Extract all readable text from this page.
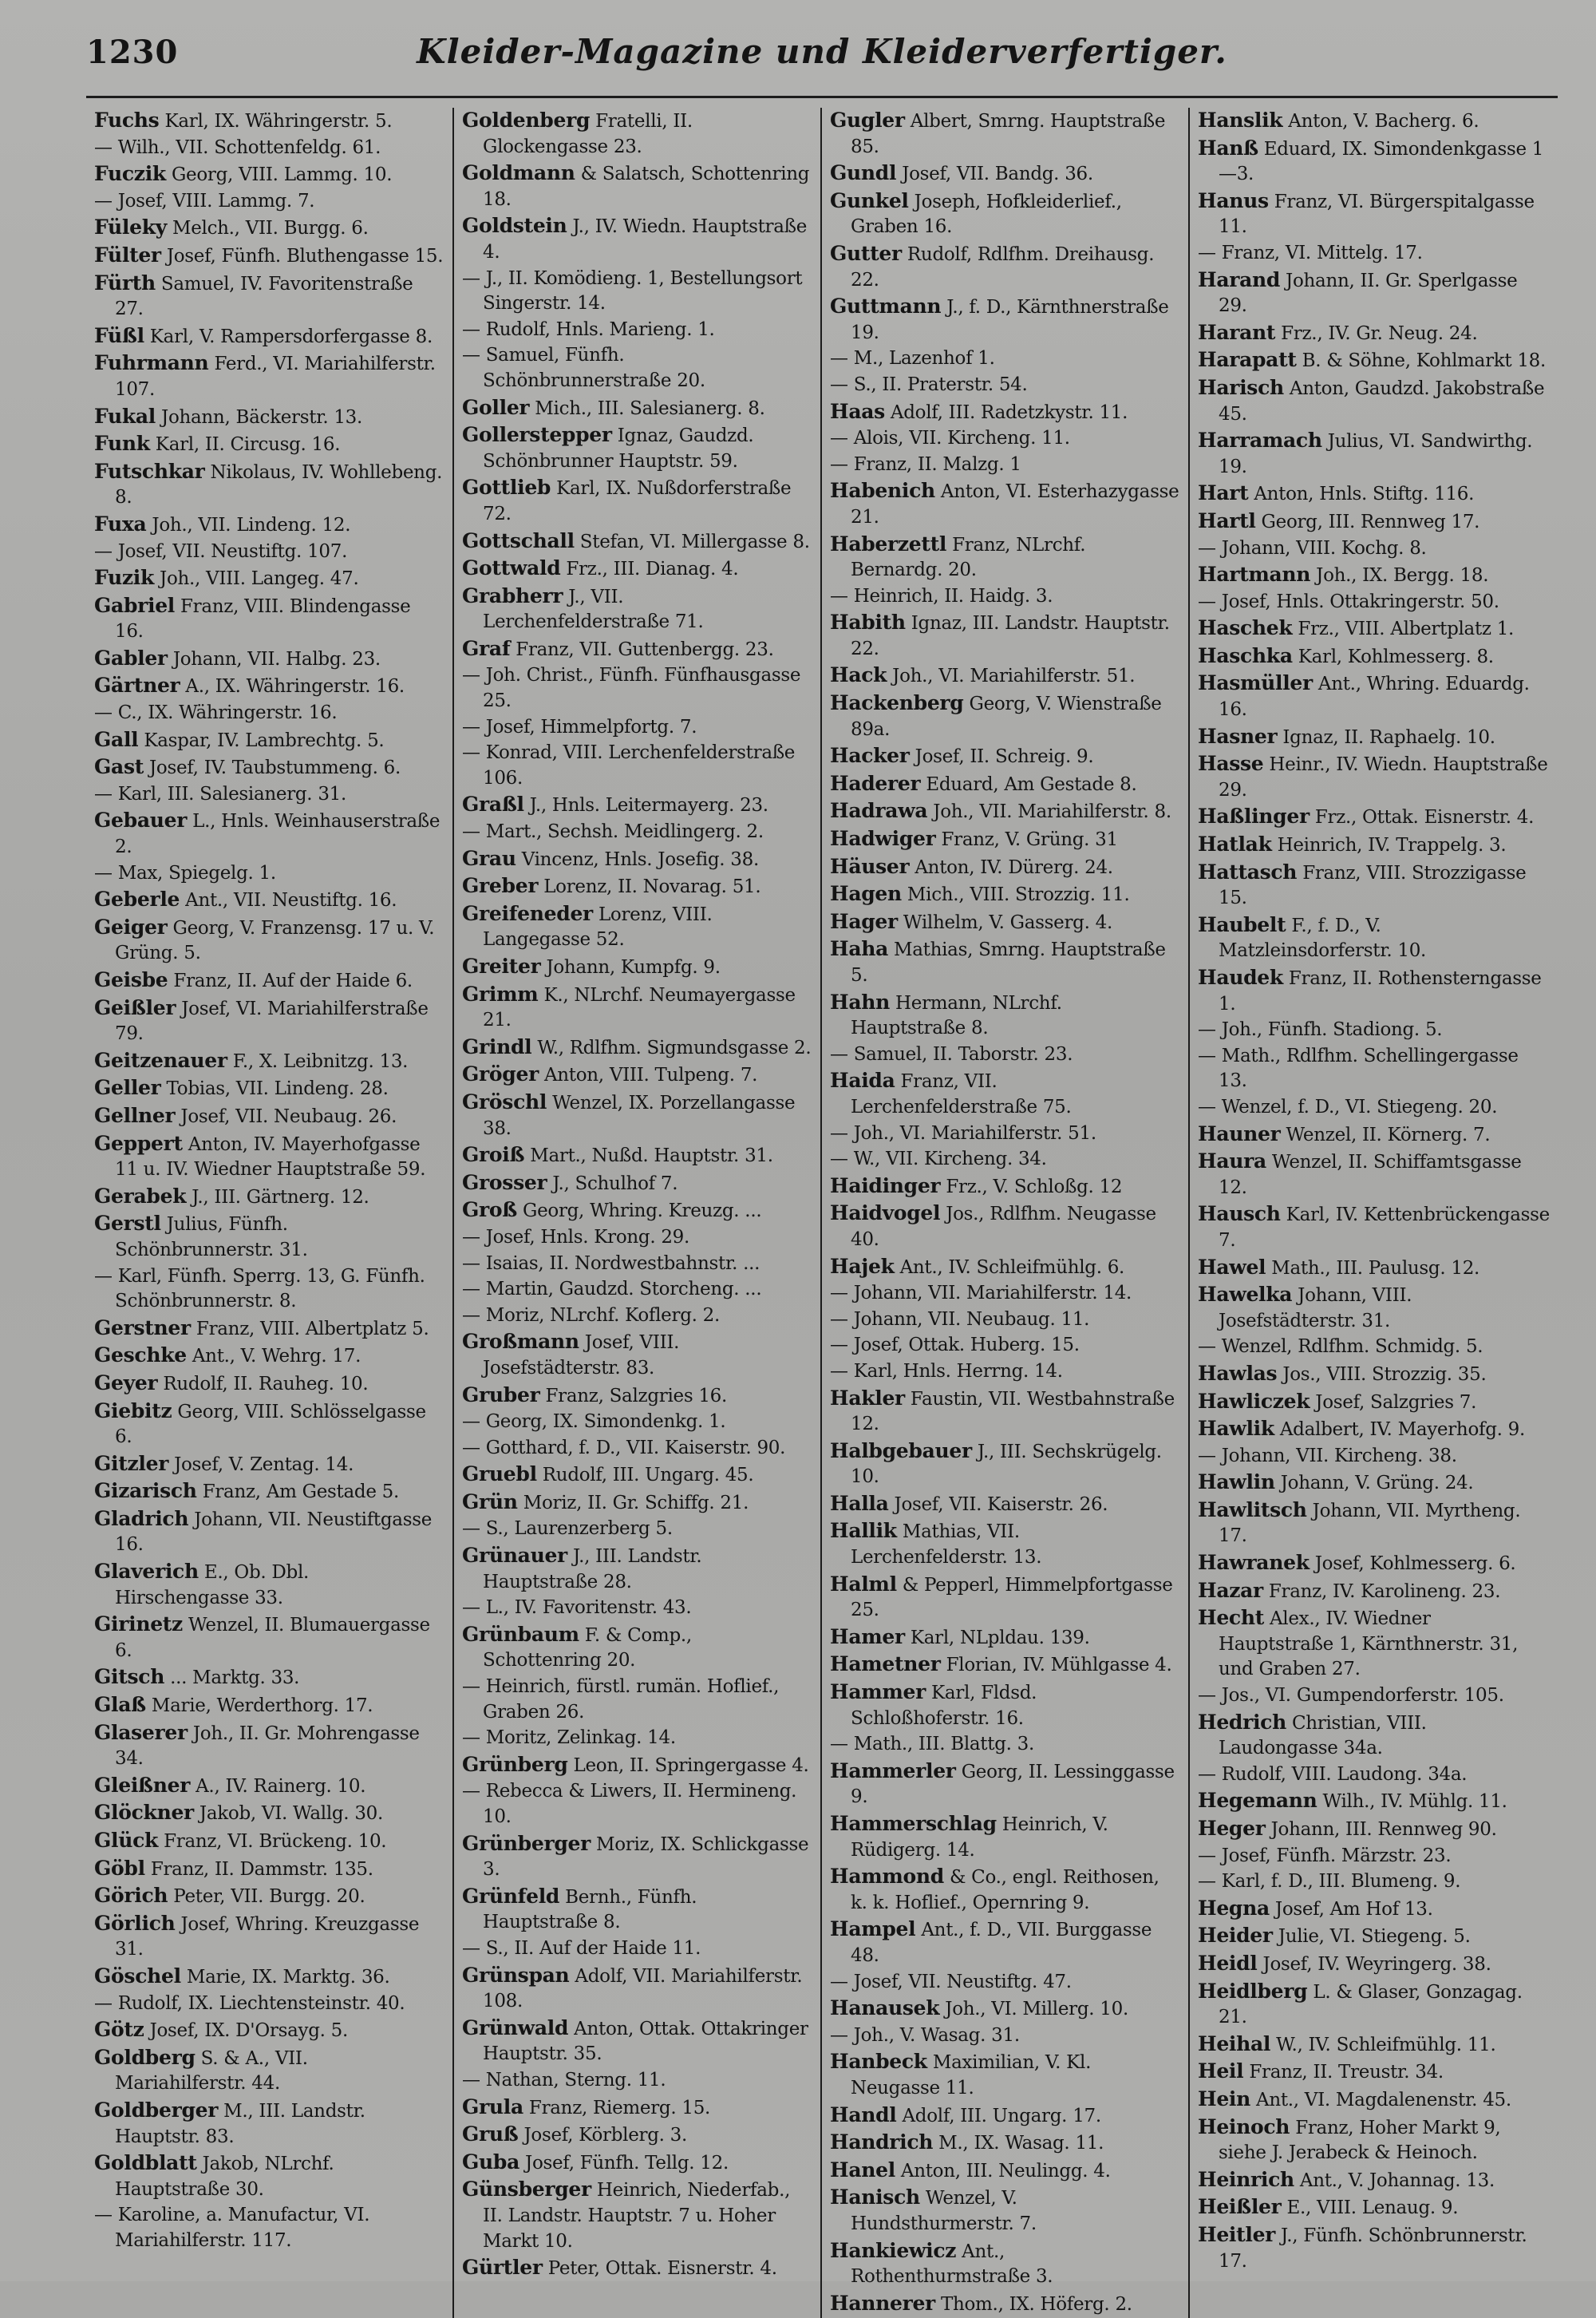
1230	Kleider-Magazine und Kleiderverfertiger.
Fuchs Karl, IX. Währingerstr. 5.
— Wilh., VII. Schottenfeldg. 61.
Fuczik Georg, VIII. Lammg. 10.
— Josef, VIII. Lammg. 7.
Füleky Melch., VII. Burgg. 6.
Fülter Josef, Fünfh. Bluthengasse 15.
Fürth Samuel, IV. Favoritenstraße 27.
Füßl Karl, V. Rampersdorfergasse 8.
Fuhrmann Ferd., VI. Mariahilferstr. 107.
Fukal Johann, Bäckerstr. 13.
Funk Karl, II. Circusg. 16.
Futschkar Nikolaus, IV. Wohllebeng. 8.
Fuxa Joh., VII. Lindeng. 12.
— Josef, VII. Neustiftg. 107.
Fuzik Joh., VIII. Langeg. 47.
Gabriel Franz, VIII. Blindengasse 16.
Gabler Johann, VII. Halbg. 23.
Gärtner A., IX. Währingerstr. 16.
— C., IX. Währingerstr. 16.
Gall Kaspar, IV. Lambrechtg. 5.
Gast Josef, IV. Taubstummeng. 6.
— Karl, III. Salesianerg. 31.
Gebauer L., Hnls. Weinhauserstraße 2.
— Max, Spiegelg. 1.
Geberle Ant., VII. Neustiftg. 16.
Geiger Georg, V. Franzensg. 17 u. V. Grüng. 5.
Geisbe Franz, II. Auf der Haide 6.
Geißler Josef, VI. Mariahilferstraße 79.
Geitzenauer F., X. Leibnitzg. 13.
Geller Tobias, VII. Lindeng. 28.
Gellner Josef, VII. Neubaug. 26.
Geppert Anton, IV. Mayerhofgasse 11 u. IV. Wiedner Hauptstraße 59.
Gerabek J., III. Gärtnerg. 12.
Gerstl Julius, Fünfh. Schönbrunnerstr. 31.
— Karl, Fünfh. Sperrg. 13, G. Fünfh. Schönbrunnerstr. 8.
Gerstner Franz, VIII. Albertplatz 5.
Geschke Ant., V. Wehrg. 17.
Geyer Rudolf, II. Rauheg. 10.
Giebitz Georg, VIII. Schlösselgasse 6.
Gitzler Josef, V. Zentag. 14.
Gizarisch Franz, Am Gestade 5.
Gladrich Johann, VII. Neustiftgasse 16.
Glaverich E., Ob. Dbl. Hirschengasse 33.
Girinetz Wenzel, II. Blumauergasse 6.
Gitsch ... Marktg. 33.
Glaß Marie, Werderthorg. 17.
Glaserer Joh., II. Gr. Mohrengasse 34.
Gleißner A., IV. Rainerg. 10.
Glöckner Jakob, VI. Wallg. 30.
Glück Franz, VI. Brückeng. 10.
Göbl Franz, II. Dammstr. 135.
Görich Peter, VII. Burgg. 20.
Görlich Josef, Whring. Kreuzgasse 31.
Göschel Marie, IX. Marktg. 36.
— Rudolf, IX. Liechtensteinstr. 40.
Götz Josef, IX. D'Orsayg. 5.
Goldberg S. & A., VII. Mariahilferstr. 44.
Goldberger M., III. Landstr. Hauptstr. 83.
Goldblatt Jakob, NLrchf. Hauptstraße 30.
— Karoline, a. Manufactur, VI. Mariahilferstr. 117.
Goldenberg Fratelli, II. Glockengasse 23.
Goldmann & Salatsch, Schottenring 18.
Goldstein J., IV. Wiedn. Hauptstraße 4.
— J., II. Komödieng. 1, Bestellungsort Singerstr. 14.
— Rudolf, Hnls. Marieng. 1.
— Samuel, Fünfh. Schönbrunnerstraße 20.
Goller Mich., III. Salesianerg. 8.
Gollerstepper Ignaz, Gaudzd. Schönbrunner Hauptstr. 59.
Gottlieb Karl, IX. Nußdorferstraße 72.
Gottschall Stefan, VI. Millergasse 8.
Gottwald Frz., III. Dianag. 4.
Grabherr J., VII. Lerchenfelderstraße 71.
Graf Franz, VII. Guttenbergg. 23.
— Joh. Christ., Fünfh. Fünfhausgasse 25.
— Josef, Himmelpfortg. 7.
— Konrad, VIII. Lerchenfelderstraße 106.
Graßl J., Hnls. Leitermayerg. 23.
— Mart., Sechsh. Meidlingerg. 2.
Grau Vincenz, Hnls. Josefig. 38.
Greber Lorenz, II. Novarag. 51.
Greifeneder Lorenz, VIII. Langegasse 52.
Greiter Johann, Kumpfg. 9.
Grimm K., NLrchf. Neumayergasse 21.
Grindl W., Rdlfhm. Sigmundsgasse 2.
Gröger Anton, VIII. Tulpeng. 7.
Gröschl Wenzel, IX. Porzellangasse 38.
Groiß Mart., Nußd. Hauptstr. 31.
Grosser J., Schulhof 7.
Groß Georg, Whring. Kreuzg. ...
— Josef, Hnls. Krong. 29.
— Isaias, II. Nordwestbahnstr. ...
— Martin, Gaudzd. Storcheng. ...
— Moriz, NLrchf. Koflerg. 2.
Großmann Josef, VIII. Josefstädterstr. 83.
Gruber Franz, Salzgries 16.
— Georg, IX. Simondenkg. 1.
— Gotthard, f. D., VII. Kaiserstr. 90.
Gruebl Rudolf, III. Ungarg. 45.
Grün Moriz, II. Gr. Schiffg. 21.
— S., Laurenzerberg 5.
Grünauer J., III. Landstr. Hauptstraße 28.
— L., IV. Favoritenstr. 43.
Grünbaum F. & Comp., Schottenring 20.
— Heinrich, fürstl. rumän. Hoflief., Graben 26.
— Moritz, Zelinkag. 14.
Grünberg Leon, II. Springergasse 4.
— Rebecca & Liwers, II. Hermineng. 10.
Grünberger Moriz, IX. Schlickgasse 3.
Grünfeld Bernh., Fünfh. Hauptstraße 8.
— S., II. Auf der Haide 11.
Grünspan Adolf, VII. Mariahilferstr. 108.
Grünwald Anton, Ottak. Ottakringer Hauptstr. 35.
— Nathan, Sterng. 11.
Grula Franz, Riemerg. 15.
Gruß Josef, Körblerg. 3.
Guba Josef, Fünfh. Tellg. 12.
Günsberger Heinrich, Niederfab., II. Landstr. Hauptstr. 7 u. Hoher Markt 10.
Gürtler Peter, Ottak. Eisnerstr. 4.
Gugler Albert, Smrng. Hauptstraße 85.
Gundl Josef, VII. Bandg. 36.
Gunkel Joseph, Hofkleiderlief., Graben 16.
Gutter Rudolf, Rdlfhm. Dreihausg. 22.
Guttmann J., f. D., Kärnthnerstraße 19.
— M., Lazenhof 1.
— S., II. Praterstr. 54.
Haas Adolf, III. Radetzkystr. 11.
— Alois, VII. Kircheng. 11.
— Franz, II. Malzg. 1
Habenich Anton, VI. Esterhazygasse 21.
Haberzettl Franz, NLrchf. Bernardg. 20.
— Heinrich, II. Haidg. 3.
Habith Ignaz, III. Landstr. Hauptstr. 22.
Hack Joh., VI. Mariahilferstr. 51.
Hackenberg Georg, V. Wienstraße 89a.
Hacker Josef, II. Schreig. 9.
Haderer Eduard, Am Gestade 8.
Hadrawa Joh., VII. Mariahilferstr. 8.
Hadwiger Franz, V. Grüng. 31
Häuser Anton, IV. Dürerg. 24.
Hagen Mich., VIII. Strozzig. 11.
Hager Wilhelm, V. Gasserg. 4.
Haha Mathias, Smrng. Hauptstraße 5.
Hahn Hermann, NLrchf. Hauptstraße 8.
— Samuel, II. Taborstr. 23.
Haida Franz, VII. Lerchenfelderstraße 75.
— Joh., VI. Mariahilferstr. 51.
— W., VII. Kircheng. 34.
Haidinger Frz., V. Schloßg. 12
Haidvogel Jos., Rdlfhm. Neugasse 40.
Hajek Ant., IV. Schleifmühlg. 6.
— Johann, VII. Mariahilferstr. 14.
— Johann, VII. Neubaug. 11.
— Josef, Ottak. Huberg. 15.
— Karl, Hnls. Herrng. 14.
Hakler Faustin, VII. Westbahnstraße 12.
Halbgebauer J., III. Sechskrügelg. 10.
Halla Josef, VII. Kaiserstr. 26.
Hallik Mathias, VII. Lerchenfelderstr. 13.
Halml & Pepperl, Himmelpfortgasse 25.
Hamer Karl, NLpldau. 139.
Hametner Florian, IV. Mühlgasse 4.
Hammer Karl, Fldsd. Schloßhoferstr. 16.
— Math., III. Blattg. 3.
Hammerler Georg, II. Lessinggasse 9.
Hammerschlag Heinrich, V. Rüdigerg. 14.
Hammond & Co., engl. Reithosen, k. k. Hoflief., Opernring 9.
Hampel Ant., f. D., VII. Burggasse 48.
— Josef, VII. Neustiftg. 47.
Hanausek Joh., VI. Millerg. 10.
— Joh., V. Wasag. 31.
Hanbeck Maximilian, V. Kl. Neugasse 11.
Handl Adolf, III. Ungarg. 17.
Handrich M., IX. Wasag. 11.
Hanel Anton, III. Neulingg. 4.
Hanisch Wenzel, V. Hundsthurmerstr. 7.
Hankiewicz Ant., Rothenthurmstraße 3.
Hannerer Thom., IX. Höferg. 2.
Hanslik Anton, V. Bacherg. 6.
Hanß Eduard, IX. Simondenkgasse 1—3.
Hanus Franz, VI. Bürgerspitalgasse 11.
— Franz, VI. Mittelg. 17.
Harand Johann, II. Gr. Sperlgasse 29.
Harant Frz., IV. Gr. Neug. 24.
Harapatt B. & Söhne, Kohlmarkt 18.
Harisch Anton, Gaudzd. Jakobstraße 45.
Harramach Julius, VI. Sandwirthg. 19.
Hart Anton, Hnls. Stiftg. 116.
Hartl Georg, III. Rennweg 17.
— Johann, VIII. Kochg. 8.
Hartmann Joh., IX. Bergg. 18.
— Josef, Hnls. Ottakringerstr. 50.
Haschek Frz., VIII. Albertplatz 1.
Haschka Karl, Kohlmesserg. 8.
Hasmüller Ant., Whring. Eduardg. 16.
Hasner Ignaz, II. Raphaelg. 10.
Hasse Heinr., IV. Wiedn. Hauptstraße 29.
Haßlinger Frz., Ottak. Eisnerstr. 4.
Hatlak Heinrich, IV. Trappelg. 3.
Hattasch Franz, VIII. Strozzigasse 15.
Haubelt F., f. D., V. Matzleinsdorferstr. 10.
Haudek Franz, II. Rothensterngasse 1.
— Joh., Fünfh. Stadiong. 5.
— Math., Rdlfhm. Schellingergasse 13.
— Wenzel, f. D., VI. Stiegeng. 20.
Hauner Wenzel, II. Körnerg. 7.
Haura Wenzel, II. Schiffamtsgasse 12.
Hausch Karl, IV. Kettenbrückengasse 7.
Hawel Math., III. Paulusg. 12.
Hawelka Johann, VIII. Josefstädterstr. 31.
— Wenzel, Rdlfhm. Schmidg. 5.
Hawlas Jos., VIII. Strozzig. 35.
Hawliczek Josef, Salzgries 7.
Hawlik Adalbert, IV. Mayerhofg. 9.
— Johann, VII. Kircheng. 38.
Hawlin Johann, V. Grüng. 24.
Hawlitsch Johann, VII. Myrtheng. 17.
Hawranek Josef, Kohlmesserg. 6.
Hazar Franz, IV. Karolineng. 23.
Hecht Alex., IV. Wiedner Hauptstraße 1, Kärnthnerstr. 31, und Graben 27.
— Jos., VI. Gumpendorferstr. 105.
Hedrich Christian, VIII. Laudongasse 34a.
— Rudolf, VIII. Laudong. 34a.
Hegemann Wilh., IV. Mühlg. 11.
Heger Johann, III. Rennweg 90.
— Josef, Fünfh. Märzstr. 23.
— Karl, f. D., III. Blumeng. 9.
Hegna Josef, Am Hof 13.
Heider Julie, VI. Stiegeng. 5.
Heidl Josef, IV. Weyringerg. 38.
Heidlberg L. & Glaser, Gonzagag. 21.
Heihal W., IV. Schleifmühlg. 11.
Heil Franz, II. Treustr. 34.
Hein Ant., VI. Magdalenenstr. 45.
Heinoch Franz, Hoher Markt 9, siehe J. Jerabeck & Heinoch.
Heinrich Ant., V. Johannag. 13.
Heißler E., VIII. Lenaug. 9.
Heitler J., Fünfh. Schönbrunnerstr. 17.
